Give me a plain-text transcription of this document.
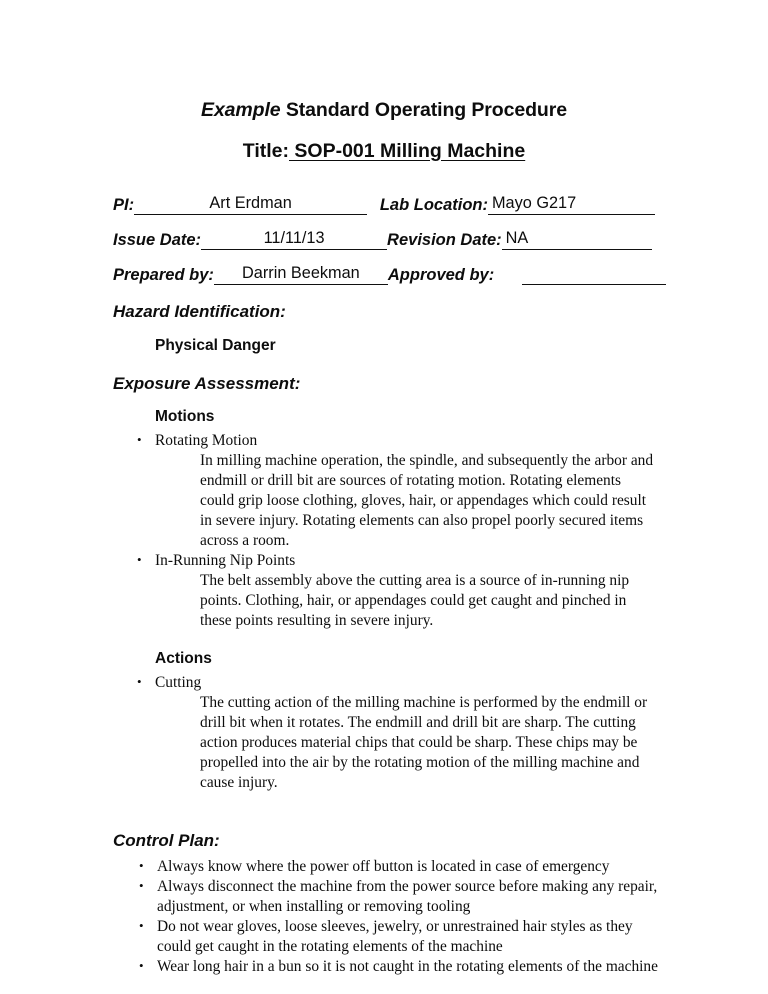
Example Standard Operating Procedure
Title: SOP-001 Milling Machine
PI:	Art Erdman	Lab Location: Mayo G217
Issue Date:	11/11/13	Revision Date: NA
Prepared by:	Darrin Beekman	Approved by:

Hazard Identification:
Physical Danger
Exposure Assessment:
Motions
• Rotating Motion
In milling machine operation, the spindle, and subsequently the arbor and endmill or drill bit are sources of rotating motion. Rotating elements could grip loose clothing, gloves, hair, or appendages which could result in severe injury. Rotating elements can also propel poorly secured items across a room.
• In-Running Nip Points
The belt assembly above the cutting area is a source of in-running nip points. Clothing, hair, or appendages could get caught and pinched in these points resulting in severe injury.
Actions
• Cutting
The cutting action of the milling machine is performed by the endmill or drill bit when it rotates. The endmill and drill bit are sharp. The cutting action produces material chips that could be sharp. These chips may be propelled into the air by the rotating motion of the milling machine and cause injury.
Control Plan:
• Always know where the power off button is located in case of emergency
• Always disconnect the machine from the power source before making any repair, adjustment, or when installing or removing tooling
• Do not wear gloves, loose sleeves, jewelry, or unrestrained hair styles as they could get caught in the rotating elements of the machine
• Wear long hair in a bun so it is not caught in the rotating elements of the machine
